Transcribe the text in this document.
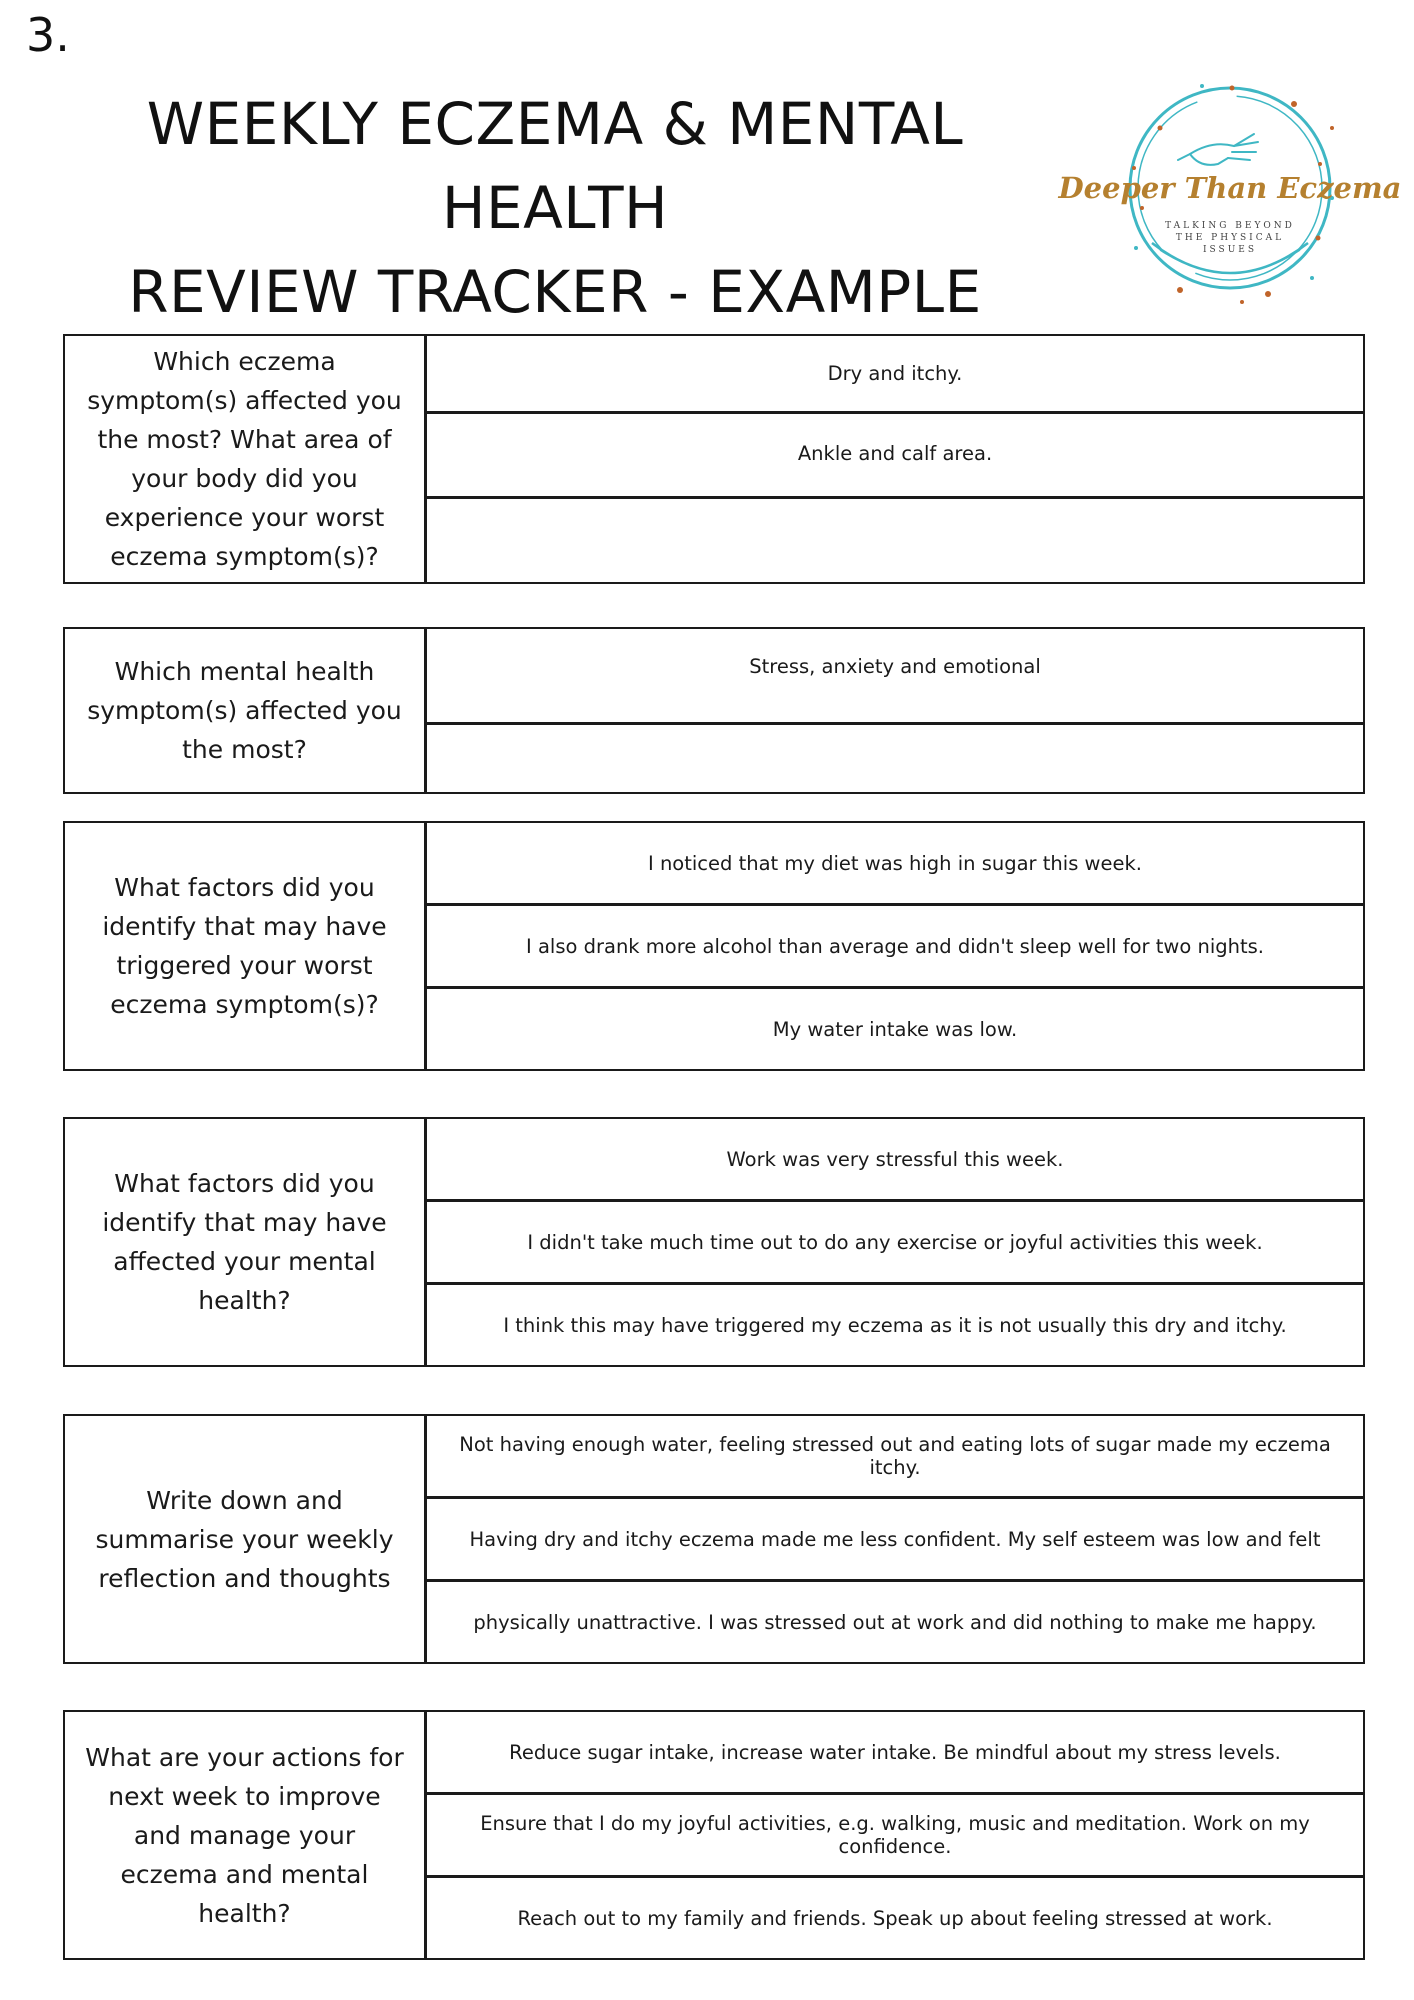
3.
WEEKLY ECZEMA & MENTAL HEALTH
REVIEW TRACKER - EXAMPLE
Deeper Than Eczema
TALKING BEYOND
THE PHYSICAL
ISSUES
Which eczema symptom(s) affected you the most? What area of your body did you experience your worst eczema symptom(s)?
Dry and itchy.
Ankle and calf area.
Which mental health symptom(s) affected you the most?
Stress, anxiety and emotional
What factors did you identify that may have triggered your worst eczema symptom(s)?
I noticed that my diet was high in sugar this week.
I also drank more alcohol than average and didn't sleep well for two nights.
My water intake was low.
What factors did you identify that may have affected your mental health?
Work was very stressful this week.
I didn't take much time out to do any exercise or joyful activities this week.
I think this may have triggered my eczema as it is not usually this dry and itchy.
Write down and summarise your weekly reflection and thoughts
Not having enough water, feeling stressed out and eating lots of sugar made my eczema itchy.
Having dry and itchy eczema made me less confident. My self esteem was low and felt
physically unattractive. I was stressed out at work and did nothing to make me happy.
What are your actions for next week to improve and manage your eczema and mental health?
Reduce sugar intake, increase water intake. Be mindful about my stress levels.
Ensure that I do my joyful activities, e.g. walking, music and meditation. Work on my confidence.
Reach out to my family and friends. Speak up about feeling stressed at work.
